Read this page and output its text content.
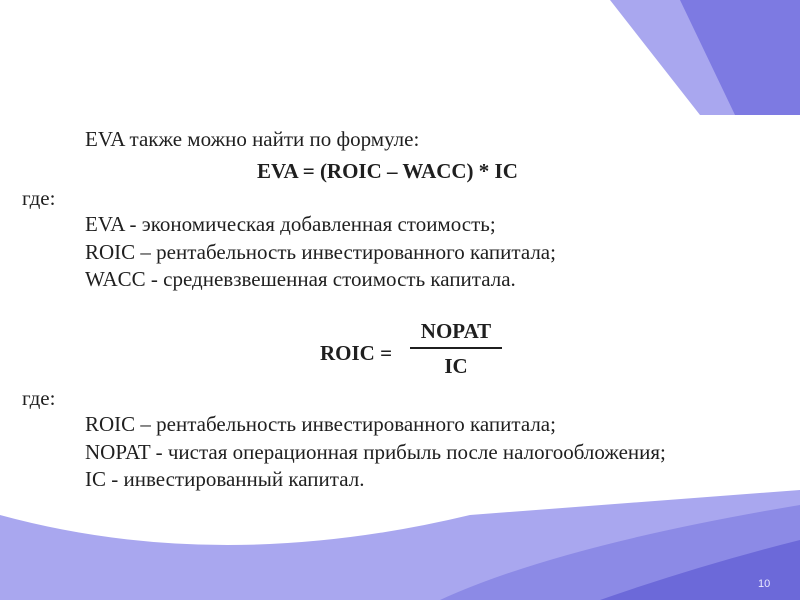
EVA также можно найти по формуле:
EVA = (ROIC – WACC) * IC
где:
EVA - экономическая добавленная стоимость;
ROIC – рентабельность инвестированного капитала;
WACC - средневзвешенная стоимость капитала.
ROIC =
NOPAT
IC
где:
ROIC – рентабельность инвестированного капитала;
NOPAT - чистая операционная прибыль после налогообложения;
IC - инвестированный капитал.
10
